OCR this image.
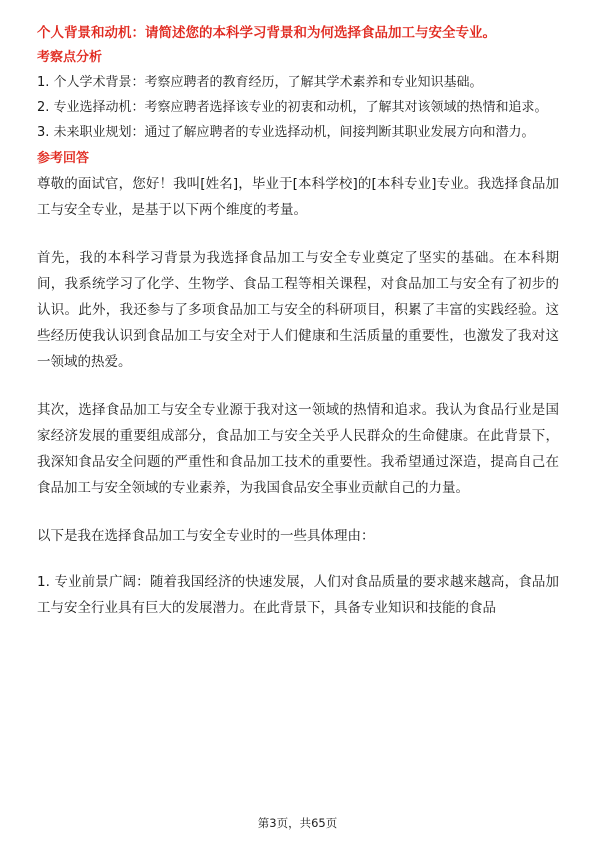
个人背景和动机：请简述您的本科学习背景和为何选择食品加工与安全专业。

考察点分析

1. 个人学术背景：考察应聘者的教育经历，了解其学术素养和专业知识基础。

2. 专业选择动机：考察应聘者选择该专业的初衷和动机，了解其对该领域的热情和追求。

3. 未来职业规划：通过了解应聘者的专业选择动机，间接判断其职业发展方向和潜力。

参考回答

尊敬的面试官，您好！我叫[姓名]，毕业于[本科学校]的[本科专业]专业。我选择食品加工与安全专业，是基于以下两个维度的考量。

首先，我的本科学习背景为我选择食品加工与安全专业奠定了坚实的基础。在本科期间，我系统学习了化学、生物学、食品工程等相关课程，对食品加工与安全有了初步的认识。此外，我还参与了多项食品加工与安全的科研项目，积累了丰富的实践经验。这些经历使我认识到食品加工与安全对于人们健康和生活质量的重要性，也激发了我对这一领域的热爱。

其次，选择食品加工与安全专业源于我对这一领域的热情和追求。我认为食品行业是国家经济发展的重要组成部分，食品加工与安全关乎人民群众的生命健康。在此背景下，我深知食品安全问题的严重性和食品加工技术的重要性。我希望通过深造，提高自己在食品加工与安全领域的专业素养，为我国食品安全事业贡献自己的力量。

以下是我在选择食品加工与安全专业时的一些具体理由：

1. 专业前景广阔：随着我国经济的快速发展，人们对食品质量的要求越来越高，食品加工与安全行业具有巨大的发展潜力。在此背景下，具备专业知识和技能的食品

第3页，共65页
